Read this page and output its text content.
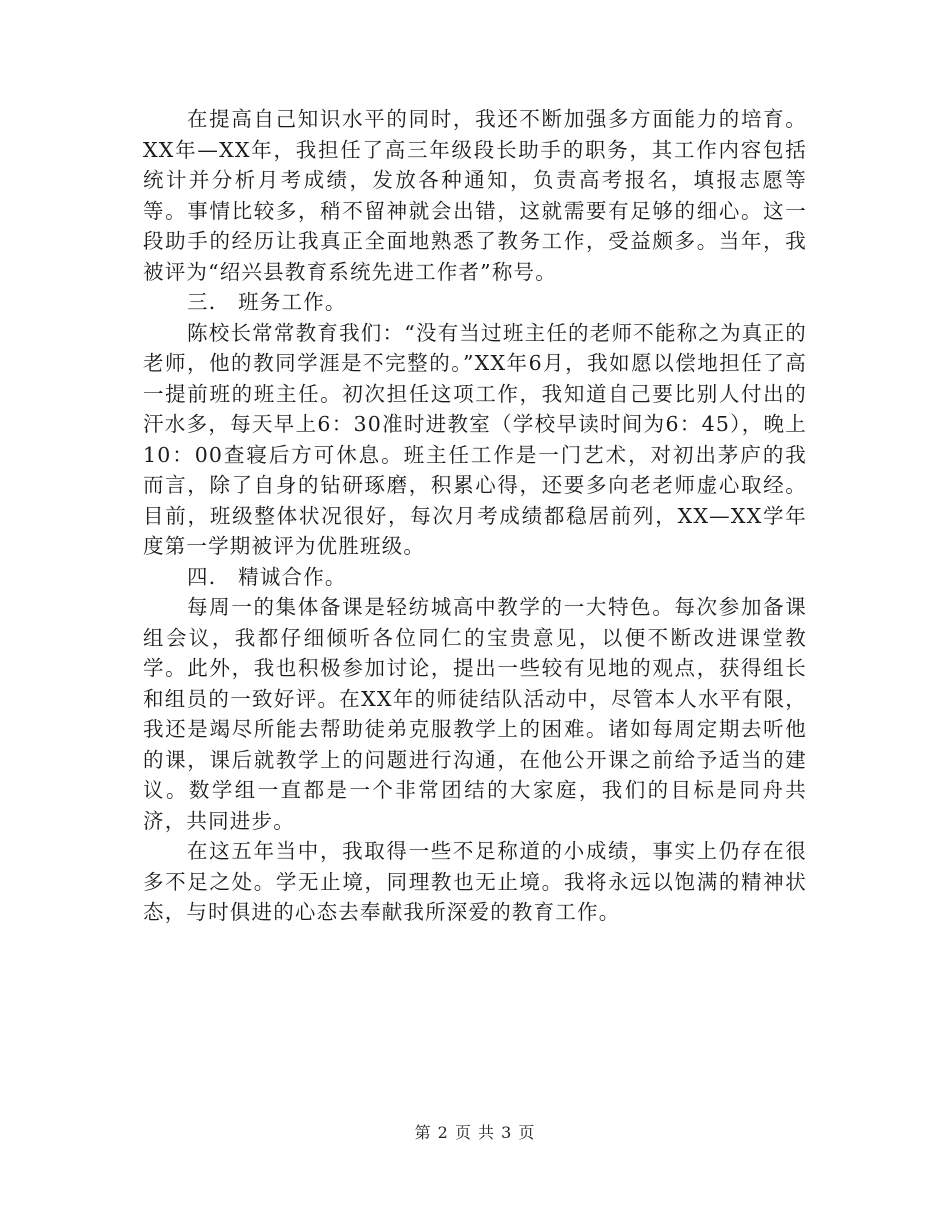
在提高自己知识水平的同时，我还不断加强多方面能力的培育。XX年—XX年，我担任了高三年级段长助手的职务，其工作内容包括统计并分析月考成绩，发放各种通知，负责高考报名，填报志愿等等。事情比较多，稍不留神就会出错，这就需要有足够的细心。这一段助手的经历让我真正全面地熟悉了教务工作，受益颇多。当年，我被评为“绍兴县教育系统先进工作者”称号。

三． 班务工作。

陈校长常常教育我们：“没有当过班主任的老师不能称之为真正的老师，他的教同学涯是不完整的。”XX年6月，我如愿以偿地担任了高一提前班的班主任。初次担任这项工作，我知道自己要比别人付出的汗水多，每天早上6：30准时进教室（学校早读时间为6：45），晚上10：00查寝后方可休息。班主任工作是一门艺术，对初出茅庐的我而言，除了自身的钻研琢磨，积累心得，还要多向老老师虚心取经。目前，班级整体状况很好，每次月考成绩都稳居前列，XX—XX学年度第一学期被评为优胜班级。

四． 精诚合作。

每周一的集体备课是轻纺城高中教学的一大特色。每次参加备课组会议，我都仔细倾听各位同仁的宝贵意见，以便不断改进课堂教学。此外，我也积极参加讨论，提出一些较有见地的观点，获得组长和组员的一致好评。在XX年的师徒结队活动中，尽管本人水平有限，我还是竭尽所能去帮助徒弟克服教学上的困难。诸如每周定期去听他的课，课后就教学上的问题进行沟通，在他公开课之前给予适当的建议。数学组一直都是一个非常团结的大家庭，我们的目标是同舟共济，共同进步。

在这五年当中，我取得一些不足称道的小成绩，事实上仍存在很多不足之处。学无止境，同理教也无止境。我将永远以饱满的精神状态，与时俱进的心态去奉献我所深爱的教育工作。

第 2 页 共 3 页
